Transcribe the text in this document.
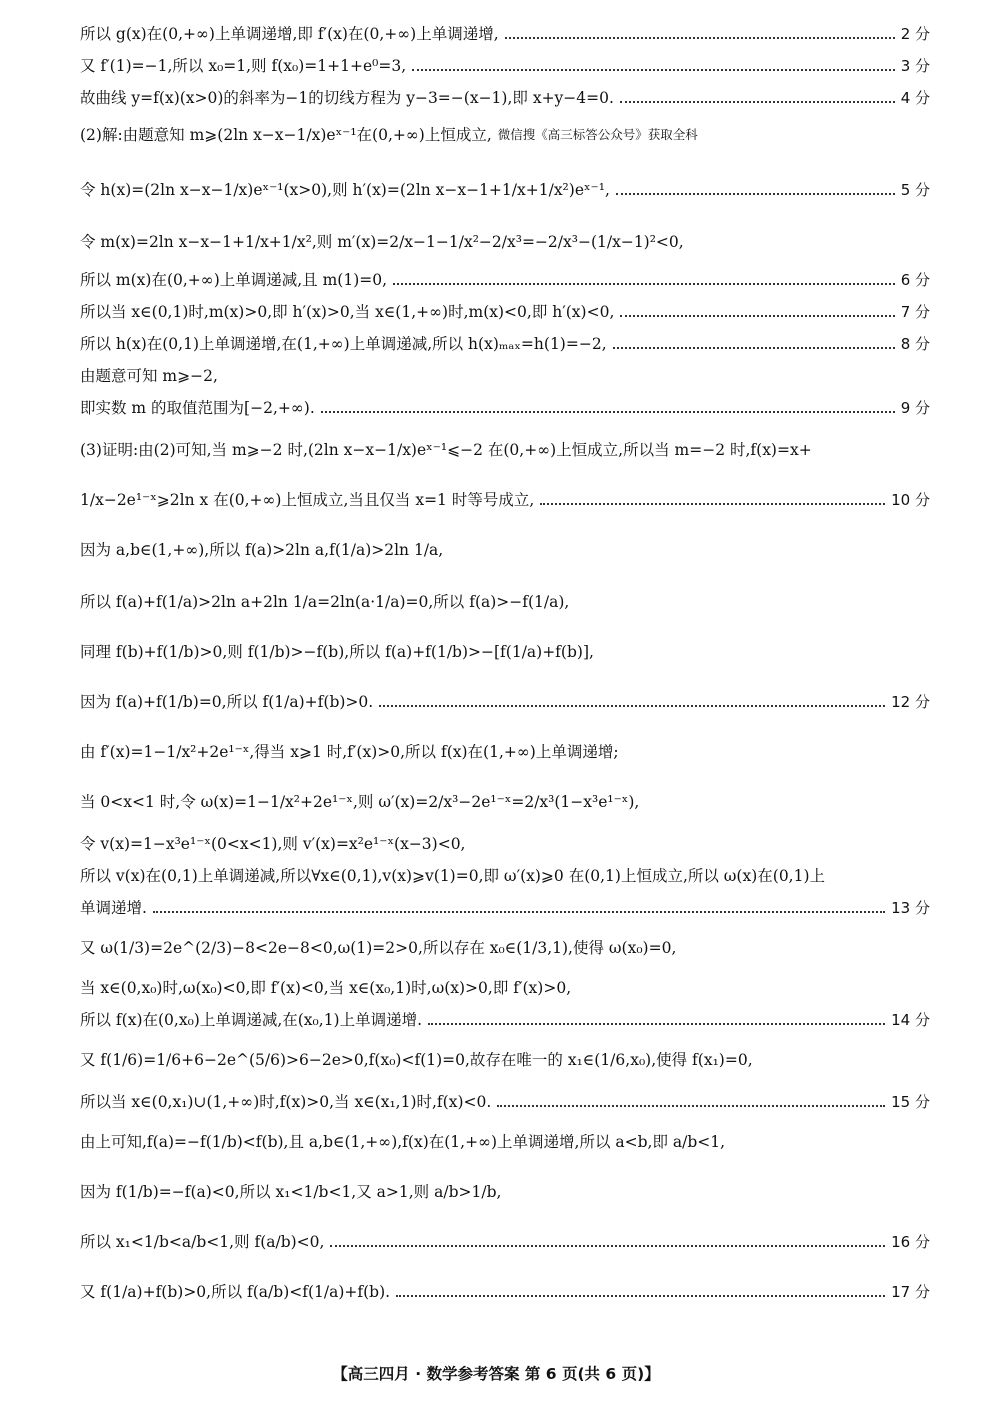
所以 g(x)在(0,+∞)上单调递增,即 f′(x)在(0,+∞)上单调递增,	2 分
又 f′(1)=−1,所以 x₀=1,则 f(x₀)=1+1+e⁰=3,	3 分
故曲线 y=f(x)(x>0)的斜率为−1的切线方程为 y−3=−(x−1),即 x+y−4=0.	4 分
(2)解:由题意知 m⩾(2ln x−x−1/x)eˣ⁻¹在(0,+∞)上恒成立, 微信搜《高三标答公众号》获取全科
令 h(x)=(2ln x−x−1/x)eˣ⁻¹(x>0),则 h′(x)=(2ln x−x−1+1/x+1/x²)eˣ⁻¹,	5 分
令 m(x)=2ln x−x−1+1/x+1/x²,则 m′(x)=2/x−1−1/x²−2/x³=−2/x³−(1/x−1)²<0,
所以 m(x)在(0,+∞)上单调递减,且 m(1)=0,	6 分
所以当 x∈(0,1)时,m(x)>0,即 h′(x)>0,当 x∈(1,+∞)时,m(x)<0,即 h′(x)<0,	7 分
所以 h(x)在(0,1)上单调递增,在(1,+∞)上单调递减,所以 h(x)ₘₐₓ=h(1)=−2,	8 分
由题意可知 m⩾−2,
即实数 m 的取值范围为[−2,+∞).	9 分
(3)证明:由(2)可知,当 m⩾−2 时,(2ln x−x−1/x)eˣ⁻¹⩽−2 在(0,+∞)上恒成立,所以当 m=−2 时,f(x)=x+
1/x−2e¹⁻ˣ⩾2ln x 在(0,+∞)上恒成立,当且仅当 x=1 时等号成立,	10 分
因为 a,b∈(1,+∞),所以 f(a)>2ln a,f(1/a)>2ln 1/a,
所以 f(a)+f(1/a)>2ln a+2ln 1/a=2ln(a·1/a)=0,所以 f(a)>−f(1/a),
同理 f(b)+f(1/b)>0,则 f(1/b)>−f(b),所以 f(a)+f(1/b)>−[f(1/a)+f(b)],
因为 f(a)+f(1/b)=0,所以 f(1/a)+f(b)>0.	12 分
由 f′(x)=1−1/x²+2e¹⁻ˣ,得当 x⩾1 时,f′(x)>0,所以 f(x)在(1,+∞)上单调递增;
当 0<x<1 时,令 ω(x)=1−1/x²+2e¹⁻ˣ,则 ω′(x)=2/x³−2e¹⁻ˣ=2/x³(1−x³e¹⁻ˣ),
令 v(x)=1−x³e¹⁻ˣ(0<x<1),则 v′(x)=x²e¹⁻ˣ(x−3)<0,
所以 v(x)在(0,1)上单调递减,所以∀x∈(0,1),v(x)⩾v(1)=0,即 ω′(x)⩾0 在(0,1)上恒成立,所以 ω(x)在(0,1)上
单调递增.	13 分
又 ω(1/3)=2e^(2/3)−8<2e−8<0,ω(1)=2>0,所以存在 x₀∈(1/3,1),使得 ω(x₀)=0,
当 x∈(0,x₀)时,ω(x₀)<0,即 f′(x)<0,当 x∈(x₀,1)时,ω(x)>0,即 f′(x)>0,
所以 f(x)在(0,x₀)上单调递减,在(x₀,1)上单调递增.	14 分
又 f(1/6)=1/6+6−2e^(5/6)>6−2e>0,f(x₀)<f(1)=0,故存在唯一的 x₁∈(1/6,x₀),使得 f(x₁)=0,
所以当 x∈(0,x₁)∪(1,+∞)时,f(x)>0,当 x∈(x₁,1)时,f(x)<0.	15 分
由上可知,f(a)=−f(1/b)<f(b),且 a,b∈(1,+∞),f(x)在(1,+∞)上单调递增,所以 a<b,即 a/b<1,
因为 f(1/b)=−f(a)<0,所以 x₁<1/b<1,又 a>1,则 a/b>1/b,
所以 x₁<1/b<a/b<1,则 f(a/b)<0,	16 分
又 f(1/a)+f(b)>0,所以 f(a/b)<f(1/a)+f(b).	17 分
【高三四月 · 数学参考答案 第 6 页(共 6 页)】
